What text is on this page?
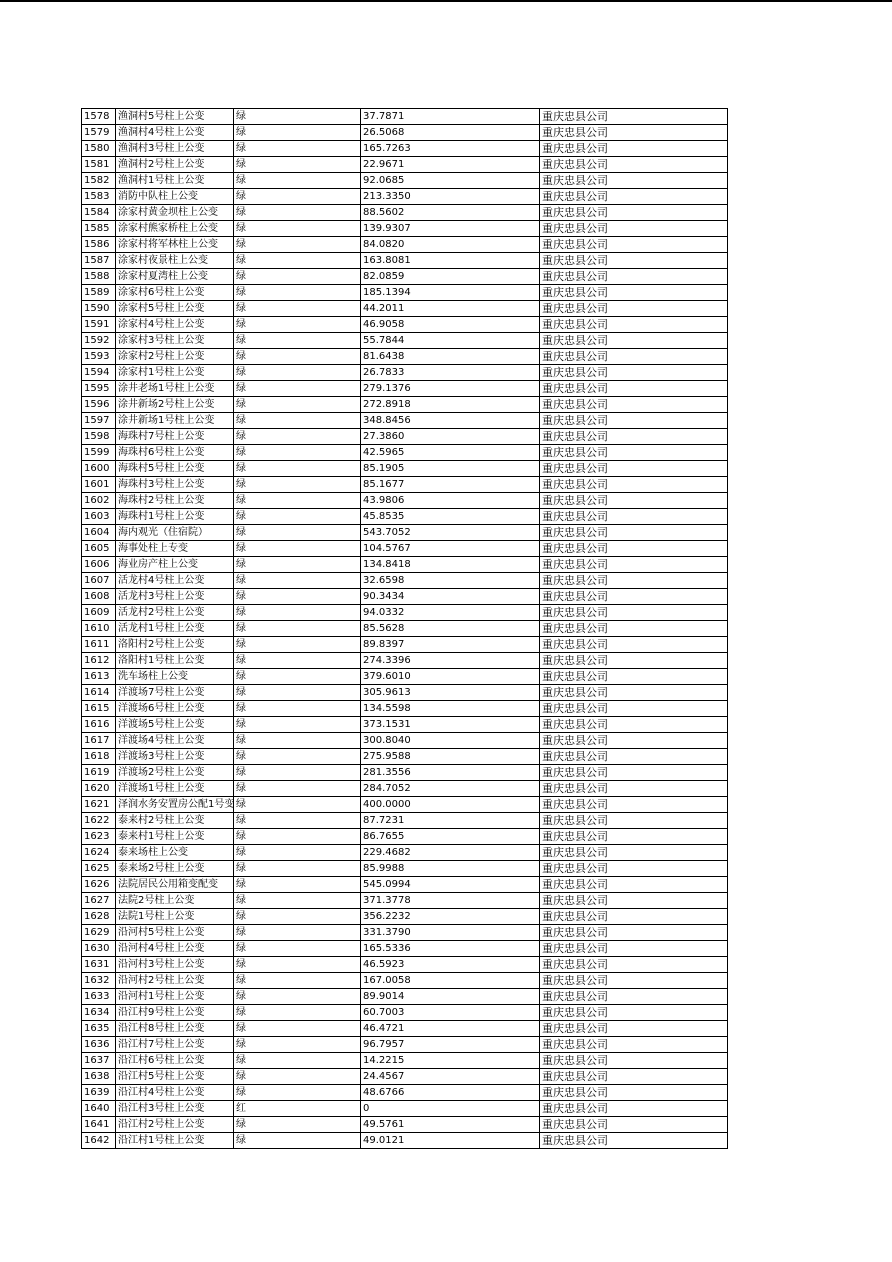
1578	渔洞村5号柱上公变	绿	37.7871	重庆忠县公司
1579	渔洞村4号柱上公变	绿	26.5068	重庆忠县公司
1580	渔洞村3号柱上公变	绿	165.7263	重庆忠县公司
1581	渔洞村2号柱上公变	绿	22.9671	重庆忠县公司
1582	渔洞村1号柱上公变	绿	92.0685	重庆忠县公司
1583	消防中队柱上公变	绿	213.3350	重庆忠县公司
1584	涂家村黄金坝柱上公变	绿	88.5602	重庆忠县公司
1585	涂家村熊家桥柱上公变	绿	139.9307	重庆忠县公司
1586	涂家村将军林柱上公变	绿	84.0820	重庆忠县公司
1587	涂家村夜景柱上公变	绿	163.8081	重庆忠县公司
1588	涂家村夏湾柱上公变	绿	82.0859	重庆忠县公司
1589	涂家村6号柱上公变	绿	185.1394	重庆忠县公司
1590	涂家村5号柱上公变	绿	44.2011	重庆忠县公司
1591	涂家村4号柱上公变	绿	46.9058	重庆忠县公司
1592	涂家村3号柱上公变	绿	55.7844	重庆忠县公司
1593	涂家村2号柱上公变	绿	81.6438	重庆忠县公司
1594	涂家村1号柱上公变	绿	26.7833	重庆忠县公司
1595	涂井老场1号柱上公变	绿	279.1376	重庆忠县公司
1596	涂井新场2号柱上公变	绿	272.8918	重庆忠县公司
1597	涂井新场1号柱上公变	绿	348.8456	重庆忠县公司
1598	海珠村7号柱上公变	绿	27.3860	重庆忠县公司
1599	海珠村6号柱上公变	绿	42.5965	重庆忠县公司
1600	海珠村5号柱上公变	绿	85.1905	重庆忠县公司
1601	海珠村3号柱上公变	绿	85.1677	重庆忠县公司
1602	海珠村2号柱上公变	绿	43.9806	重庆忠县公司
1603	海珠村1号柱上公变	绿	45.8535	重庆忠县公司
1604	海内观光（住宿院）	绿	543.7052	重庆忠县公司
1605	海事处柱上专变	绿	104.5767	重庆忠县公司
1606	海业房产柱上公变	绿	134.8418	重庆忠县公司
1607	活龙村4号柱上公变	绿	32.6598	重庆忠县公司
1608	活龙村3号柱上公变	绿	90.3434	重庆忠县公司
1609	活龙村2号柱上公变	绿	94.0332	重庆忠县公司
1610	活龙村1号柱上公变	绿	85.5628	重庆忠县公司
1611	洛阳村2号柱上公变	绿	89.8397	重庆忠县公司
1612	洛阳村1号柱上公变	绿	274.3396	重庆忠县公司
1613	洗车场柱上公变	绿	379.6010	重庆忠县公司
1614	洋渡场7号柱上公变	绿	305.9613	重庆忠县公司
1615	洋渡场6号柱上公变	绿	134.5598	重庆忠县公司
1616	洋渡场5号柱上公变	绿	373.1531	重庆忠县公司
1617	洋渡场4号柱上公变	绿	300.8040	重庆忠县公司
1618	洋渡场3号柱上公变	绿	275.9588	重庆忠县公司
1619	洋渡场2号柱上公变	绿	281.3556	重庆忠县公司
1620	洋渡场1号柱上公变	绿	284.7052	重庆忠县公司
1621	泽润水务安置房公配1号变	绿	400.0000	重庆忠县公司
1622	泰来村2号柱上公变	绿	87.7231	重庆忠县公司
1623	泰来村1号柱上公变	绿	86.7655	重庆忠县公司
1624	泰来场柱上公变	绿	229.4682	重庆忠县公司
1625	泰来场2号柱上公变	绿	85.9988	重庆忠县公司
1626	法院居民公用箱变配变	绿	545.0994	重庆忠县公司
1627	法院2号柱上公变	绿	371.3778	重庆忠县公司
1628	法院1号柱上公变	绿	356.2232	重庆忠县公司
1629	沿河村5号柱上公变	绿	331.3790	重庆忠县公司
1630	沿河村4号柱上公变	绿	165.5336	重庆忠县公司
1631	沿河村3号柱上公变	绿	46.5923	重庆忠县公司
1632	沿河村2号柱上公变	绿	167.0058	重庆忠县公司
1633	沿河村1号柱上公变	绿	89.9014	重庆忠县公司
1634	沿江村9号柱上公变	绿	60.7003	重庆忠县公司
1635	沿江村8号柱上公变	绿	46.4721	重庆忠县公司
1636	沿江村7号柱上公变	绿	96.7957	重庆忠县公司
1637	沿江村6号柱上公变	绿	14.2215	重庆忠县公司
1638	沿江村5号柱上公变	绿	24.4567	重庆忠县公司
1639	沿江村4号柱上公变	绿	48.6766	重庆忠县公司
1640	沿江村3号柱上公变	红	0	重庆忠县公司
1641	沿江村2号柱上公变	绿	49.5761	重庆忠县公司
1642	沿江村1号柱上公变	绿	49.0121	重庆忠县公司
